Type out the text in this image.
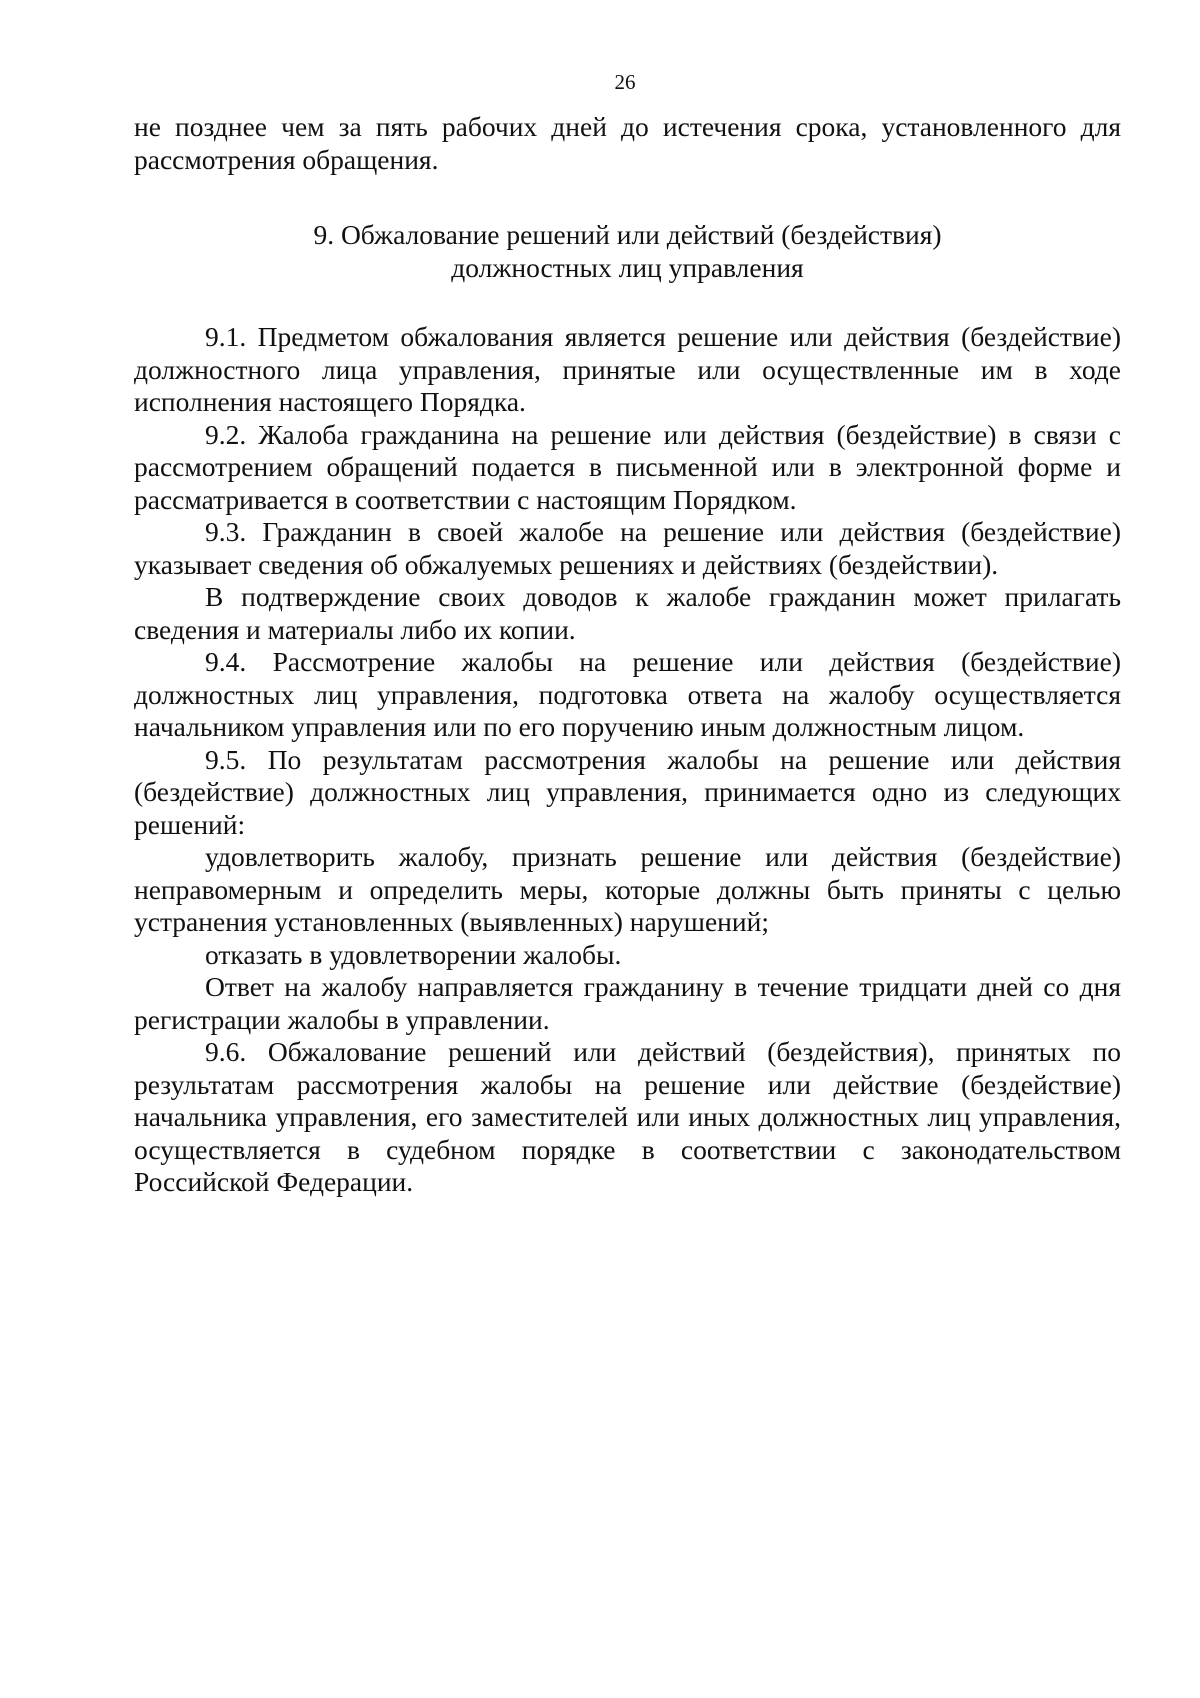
26

не позднее чем за пять рабочих дней до истечения срока, установленного для рассмотрения обращения.

9. Обжалование решений или действий (бездействия)
должностных лиц управления

9.1. Предметом обжалования является решение или действия (бездействие) должностного лица управления, принятые или осуществленные им в ходе исполнения настоящего Порядка.

9.2. Жалоба гражданина на решение или действия (бездействие) в связи с рассмотрением обращений подается в письменной или в электронной форме и рассматривается в соответствии с настоящим Порядком.

9.3. Гражданин в своей жалобе на решение или действия (бездействие) указывает сведения об обжалуемых решениях и действиях (бездействии).

В подтверждение своих доводов к жалобе гражданин может прилагать сведения и материалы либо их копии.

9.4. Рассмотрение жалобы на решение или действия (бездействие) должностных лиц управления, подготовка ответа на жалобу осуществляется начальником управления или по его поручению иным должностным лицом.

9.5. По результатам рассмотрения жалобы на решение или действия (бездействие) должностных лиц управления, принимается одно из следующих решений:

удовлетворить жалобу, признать решение или действия (бездействие) неправомерным и определить меры, которые должны быть приняты с целью устранения установленных (выявленных) нарушений;

отказать в удовлетворении жалобы.

Ответ на жалобу направляется гражданину в течение тридцати дней со дня регистрации жалобы в управлении.

9.6. Обжалование решений или действий (бездействия), принятых по результатам рассмотрения жалобы на решение или действие (бездействие) начальника управления, его заместителей или иных должностных лиц управления, осуществляется в судебном порядке в соответствии с законодательством Российской Федерации.
